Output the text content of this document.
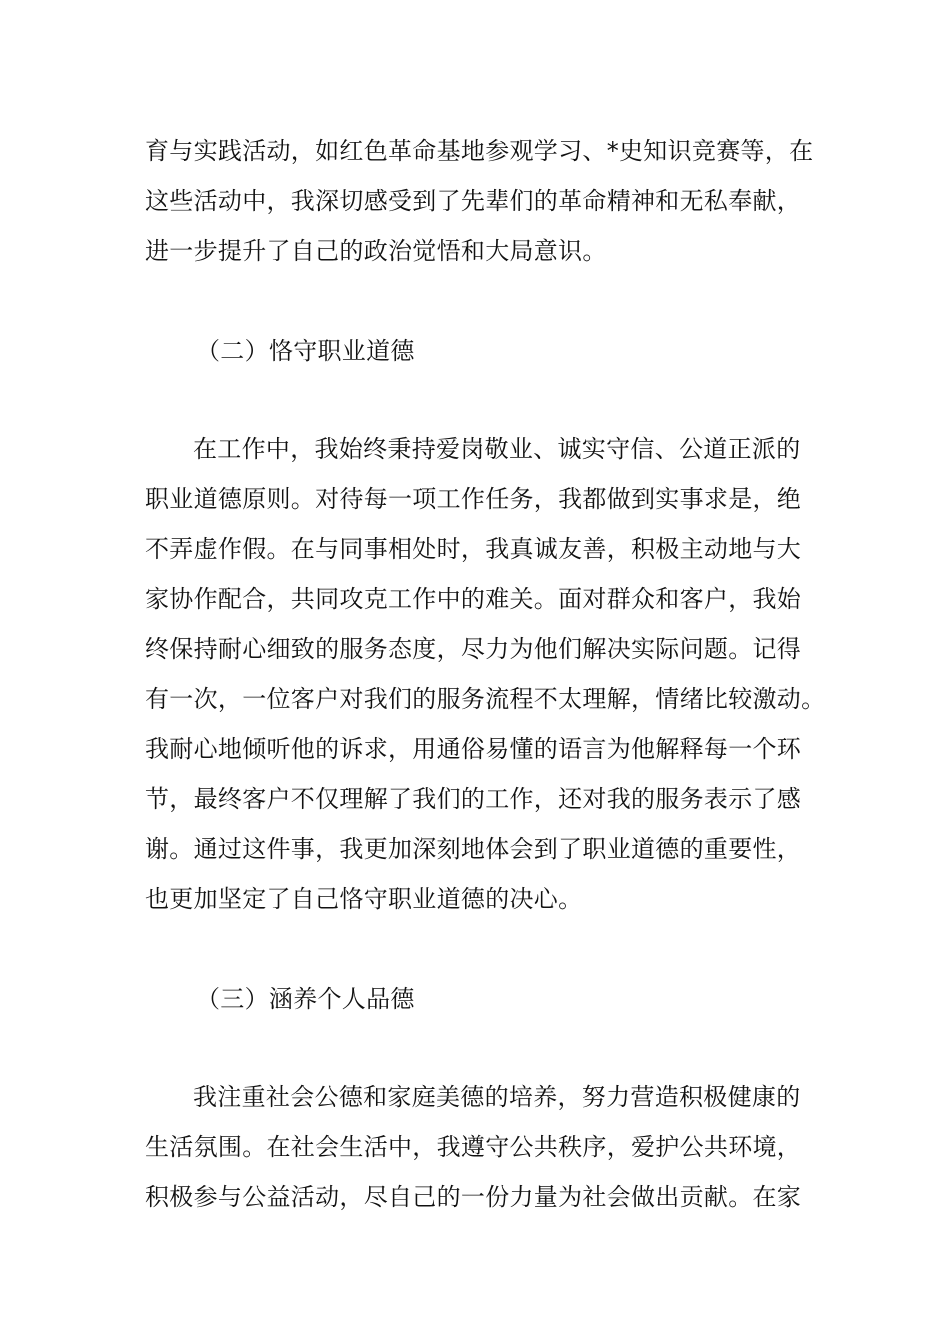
育与实践活动，如红色革命基地参观学习、*史知识竞赛等，在
这些活动中，我深切感受到了先辈们的革命精神和无私奉献，
进一步提升了自己的政治觉悟和大局意识。
（二）恪守职业道德
在工作中，我始终秉持爱岗敬业、诚实守信、公道正派的
职业道德原则。对待每一项工作任务，我都做到实事求是，绝
不弄虚作假。在与同事相处时，我真诚友善，积极主动地与大
家协作配合，共同攻克工作中的难关。面对群众和客户，我始
终保持耐心细致的服务态度，尽力为他们解决实际问题。记得
有一次，一位客户对我们的服务流程不太理解，情绪比较激动。
我耐心地倾听他的诉求，用通俗易懂的语言为他解释每一个环
节，最终客户不仅理解了我们的工作，还对我的服务表示了感
谢。通过这件事，我更加深刻地体会到了职业道德的重要性，
也更加坚定了自己恪守职业道德的决心。
（三）涵养个人品德
我注重社会公德和家庭美德的培养，努力营造积极健康的
生活氛围。在社会生活中，我遵守公共秩序，爱护公共环境，
积极参与公益活动，尽自己的一份力量为社会做出贡献。在家
